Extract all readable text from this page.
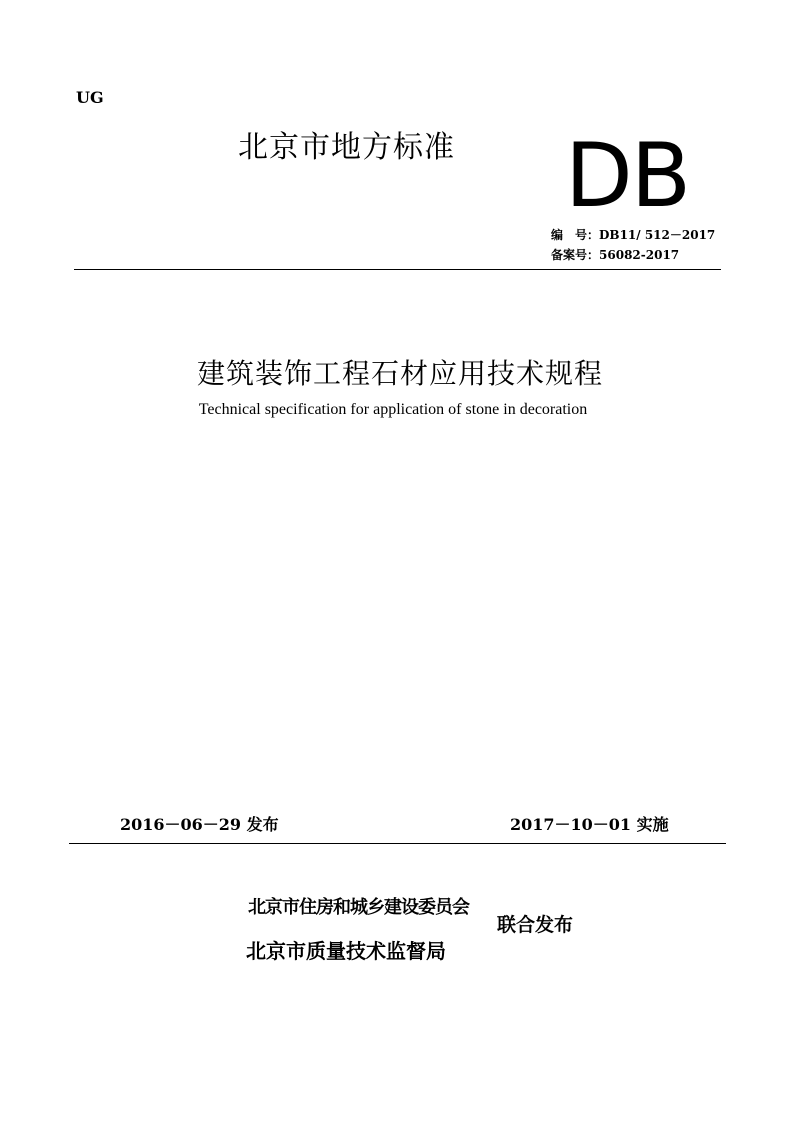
UG
北京市地方标准 DB
编　号：DB11/ 512－2017
备案号：56082-2017
建筑装饰工程石材应用技术规程
Technical specification for application of stone in decoration
2016－06－29 发布	2017－10－01 实施
北京市住房和城乡建设委员会
北京市质量技术监督局
联合发布
